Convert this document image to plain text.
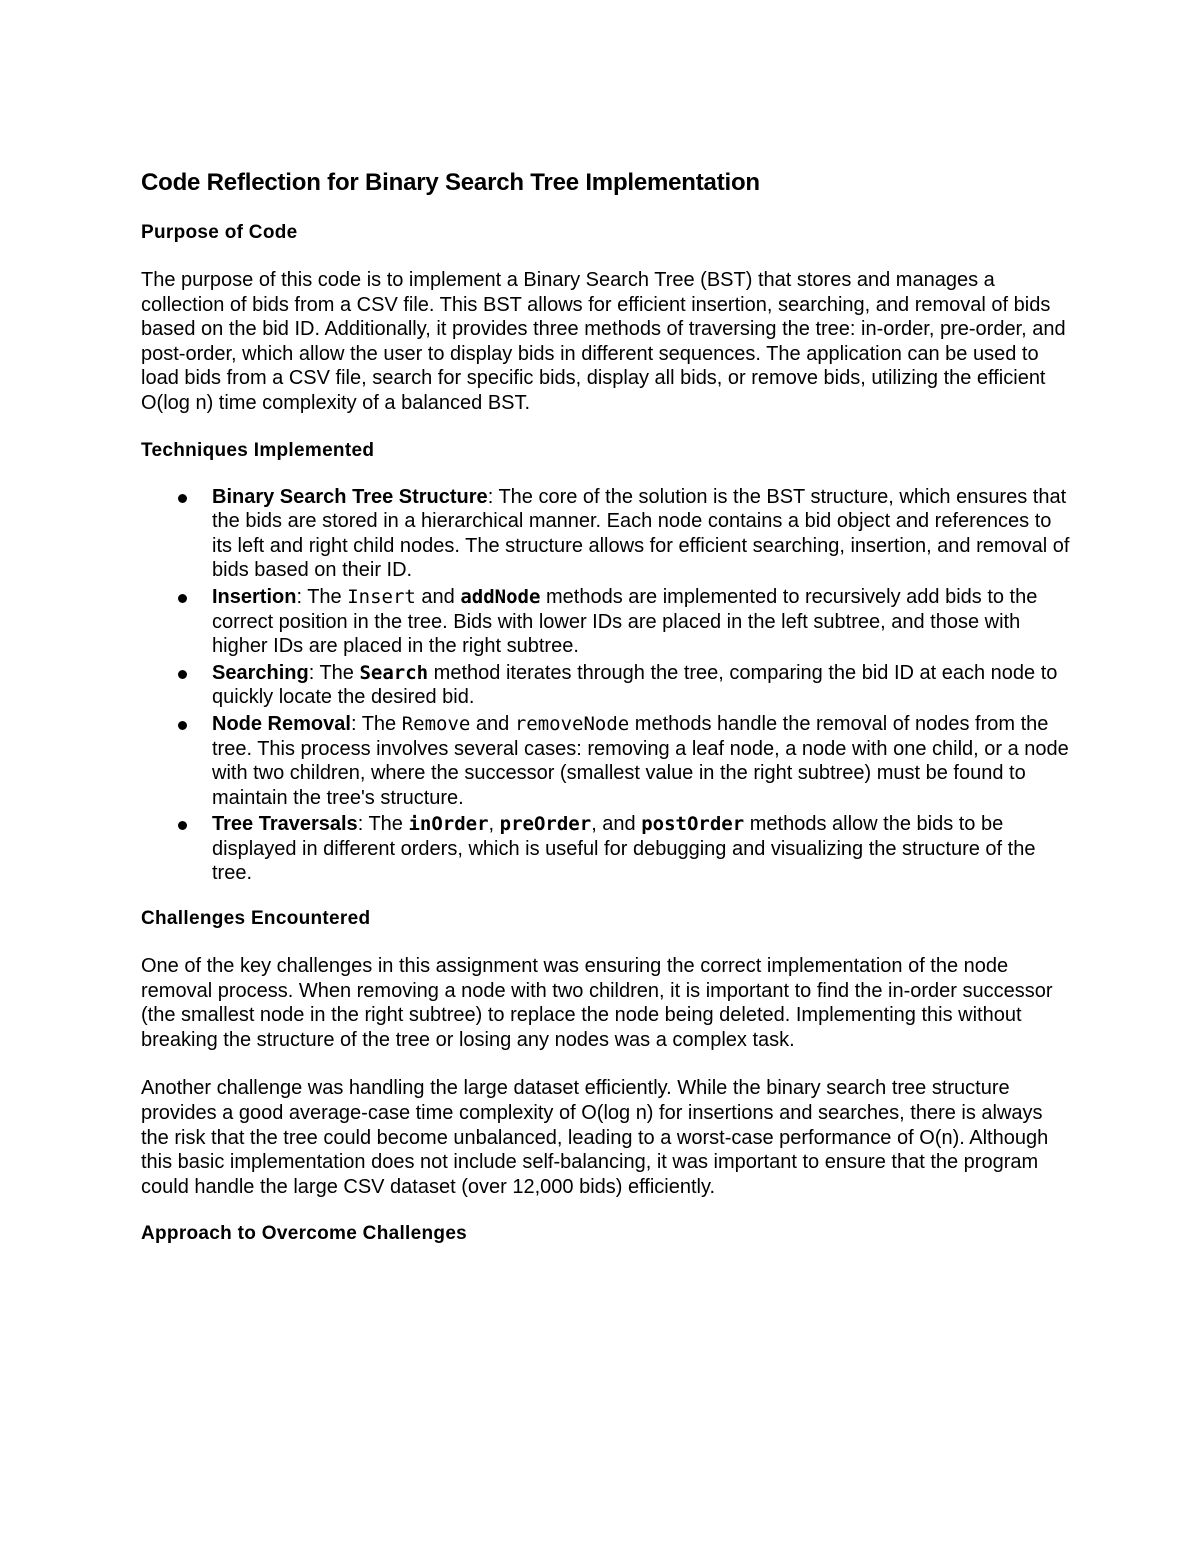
Code Reflection for Binary Search Tree Implementation
Purpose of Code

The purpose of this code is to implement a Binary Search Tree (BST) that stores and manages a collection of bids from a CSV file. This BST allows for efficient insertion, searching, and removal of bids based on the bid ID. Additionally, it provides three methods of traversing the tree: in-order, pre-order, and post-order, which allow the user to display bids in different sequences. The application can be used to load bids from a CSV file, search for specific bids, display all bids, or remove bids, utilizing the efficient O(log n) time complexity of a balanced BST.

Techniques Implemented
Binary Search Tree Structure: The core of the solution is the BST structure, which ensures that the bids are stored in a hierarchical manner. Each node contains a bid object and references to its left and right child nodes. The structure allows for efficient searching, insertion, and removal of bids based on their ID.
Insertion: The Insert and addNode methods are implemented to recursively add bids to the correct position in the tree. Bids with lower IDs are placed in the left subtree, and those with higher IDs are placed in the right subtree.
Searching: The Search method iterates through the tree, comparing the bid ID at each node to quickly locate the desired bid.
Node Removal: The Remove and removeNode methods handle the removal of nodes from the tree. This process involves several cases: removing a leaf node, a node with one child, or a node with two children, where the successor (smallest value in the right subtree) must be found to maintain the tree's structure.
Tree Traversals: The inOrder, preOrder, and postOrder methods allow the bids to be displayed in different orders, which is useful for debugging and visualizing the structure of the tree.
Challenges Encountered

One of the key challenges in this assignment was ensuring the correct implementation of the node removal process. When removing a node with two children, it is important to find the in-order successor (the smallest node in the right subtree) to replace the node being deleted. Implementing this without breaking the structure of the tree or losing any nodes was a complex task.

Another challenge was handling the large dataset efficiently. While the binary search tree structure provides a good average-case time complexity of O(log n) for insertions and searches, there is always the risk that the tree could become unbalanced, leading to a worst-case performance of O(n). Although this basic implementation does not include self-balancing, it was important to ensure that the program could handle the large CSV dataset (over 12,000 bids) efficiently.

Approach to Overcome Challenges
